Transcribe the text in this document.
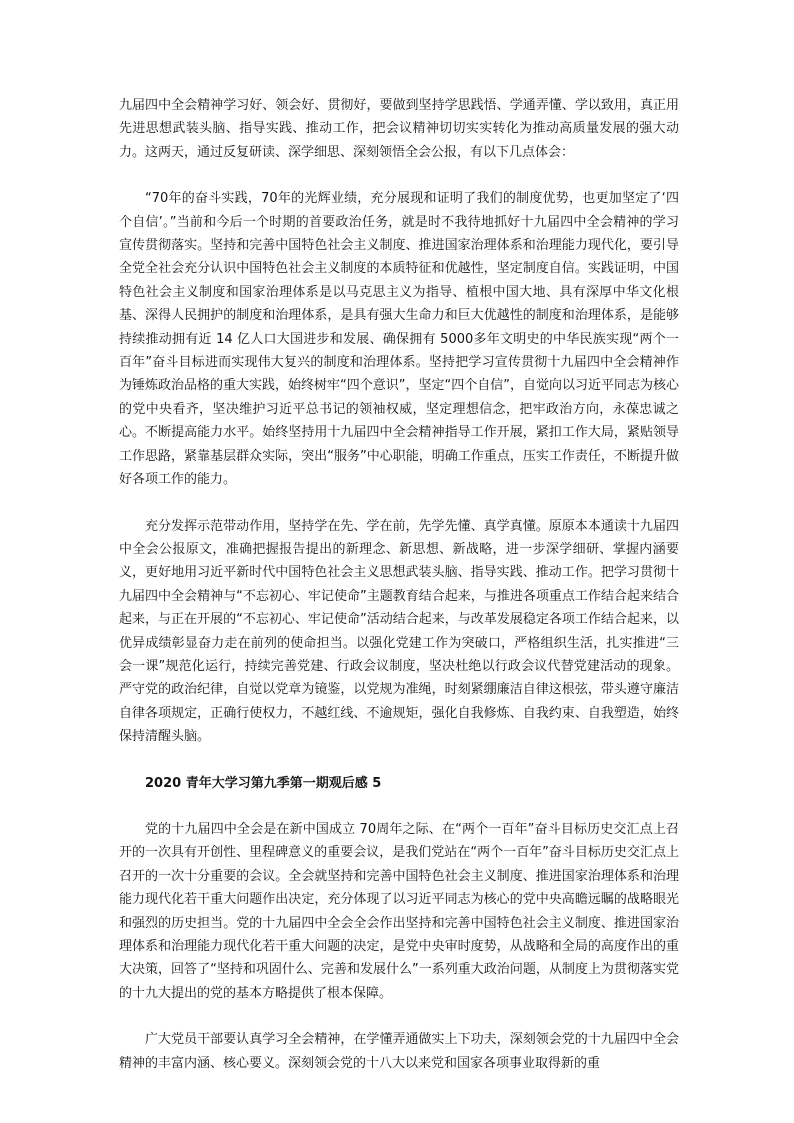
九届四中全会精神学习好、领会好、贯彻好，要做到坚持学思践悟、学通弄懂、学以致用，真正用先进思想武装头脑、指导实践、推动工作，把会议精神切切实实转化为推动高质量发展的强大动力。这两天，通过反复研读、深学细思、深刻领悟全会公报，有以下几点体会：

“70年的奋斗实践，70年的光辉业绩，充分展现和证明了我们的制度优势，也更加坚定了‘四个自信’。”当前和今后一个时期的首要政治任务，就是时不我待地抓好十九届四中全会精神的学习宣传贯彻落实。坚持和完善中国特色社会主义制度、推进国家治理体系和治理能力现代化，要引导全党全社会充分认识中国特色社会主义制度的本质特征和优越性，坚定制度自信。实践证明，中国特色社会主义制度和国家治理体系是以马克思主义为指导、植根中国大地、具有深厚中华文化根基、深得人民拥护的制度和治理体系，是具有强大生命力和巨大优越性的制度和治理体系，是能够持续推动拥有近 14 亿人口大国进步和发展、确保拥有 5000多年文明史的中华民族实现“两个一百年”奋斗目标进而实现伟大复兴的制度和治理体系。坚持把学习宣传贯彻十九届四中全会精神作为锤炼政治品格的重大实践，始终树牢“四个意识”，坚定“四个自信”，自觉向以习近平同志为核心的党中央看齐，坚决维护习近平总书记的领袖权威，坚定理想信念，把牢政治方向，永葆忠诚之心。不断提高能力水平。始终坚持用十九届四中全会精神指导工作开展，紧扣工作大局，紧贴领导工作思路，紧靠基层群众实际，突出“服务”中心职能，明确工作重点，压实工作责任，不断提升做好各项工作的能力。

充分发挥示范带动作用，坚持学在先、学在前，先学先懂、真学真懂。原原本本通读十九届四中全会公报原文，准确把握报告提出的新理念、新思想、新战略，进一步深学细研、掌握内涵要义，更好地用习近平新时代中国特色社会主义思想武装头脑、指导实践、推动工作。把学习贯彻十九届四中全会精神与“不忘初心、牢记使命”主题教育结合起来，与推进各项重点工作结合起来结合起来，与正在开展的“不忘初心、牢记使命”活动结合起来，与改革发展稳定各项工作结合起来，以优异成绩彰显奋力走在前列的使命担当。以强化党建工作为突破口，严格组织生活，扎实推进“三会一课”规范化运行，持续完善党建、行政会议制度，坚决杜绝以行政会议代替党建活动的现象。严守党的政治纪律，自觉以党章为镜鉴，以党规为准绳，时刻紧绷廉洁自律这根弦，带头遵守廉洁自律各项规定，正确行使权力，不越红线、不逾规矩，强化自我修炼、自我约束、自我塑造，始终保持清醒头脑。

2020 青年大学习第九季第一期观后感 5

党的十九届四中全会是在新中国成立 70周年之际、在“两个一百年”奋斗目标历史交汇点上召开的一次具有开创性、里程碑意义的重要会议，是我们党站在“两个一百年”奋斗目标历史交汇点上召开的一次十分重要的会议。全会就坚持和完善中国特色社会主义制度、推进国家治理体系和治理能力现代化若干重大问题作出决定，充分体现了以习近平同志为核心的党中央高瞻远瞩的战略眼光和强烈的历史担当。党的十九届四中全会全会作出坚持和完善中国特色社会主义制度、推进国家治理体系和治理能力现代化若干重大问题的决定，是党中央审时度势，从战略和全局的高度作出的重大决策，回答了“坚持和巩固什么、完善和发展什么”一系列重大政治问题，从制度上为贯彻落实党的十九大提出的党的基本方略提供了根本保障。

广大党员干部要认真学习全会精神，在学懂弄通做实上下功夫，深刻领会党的十九届四中全会精神的丰富内涵、核心要义。深刻领会党的十八大以来党和国家各项事业取得新的重
